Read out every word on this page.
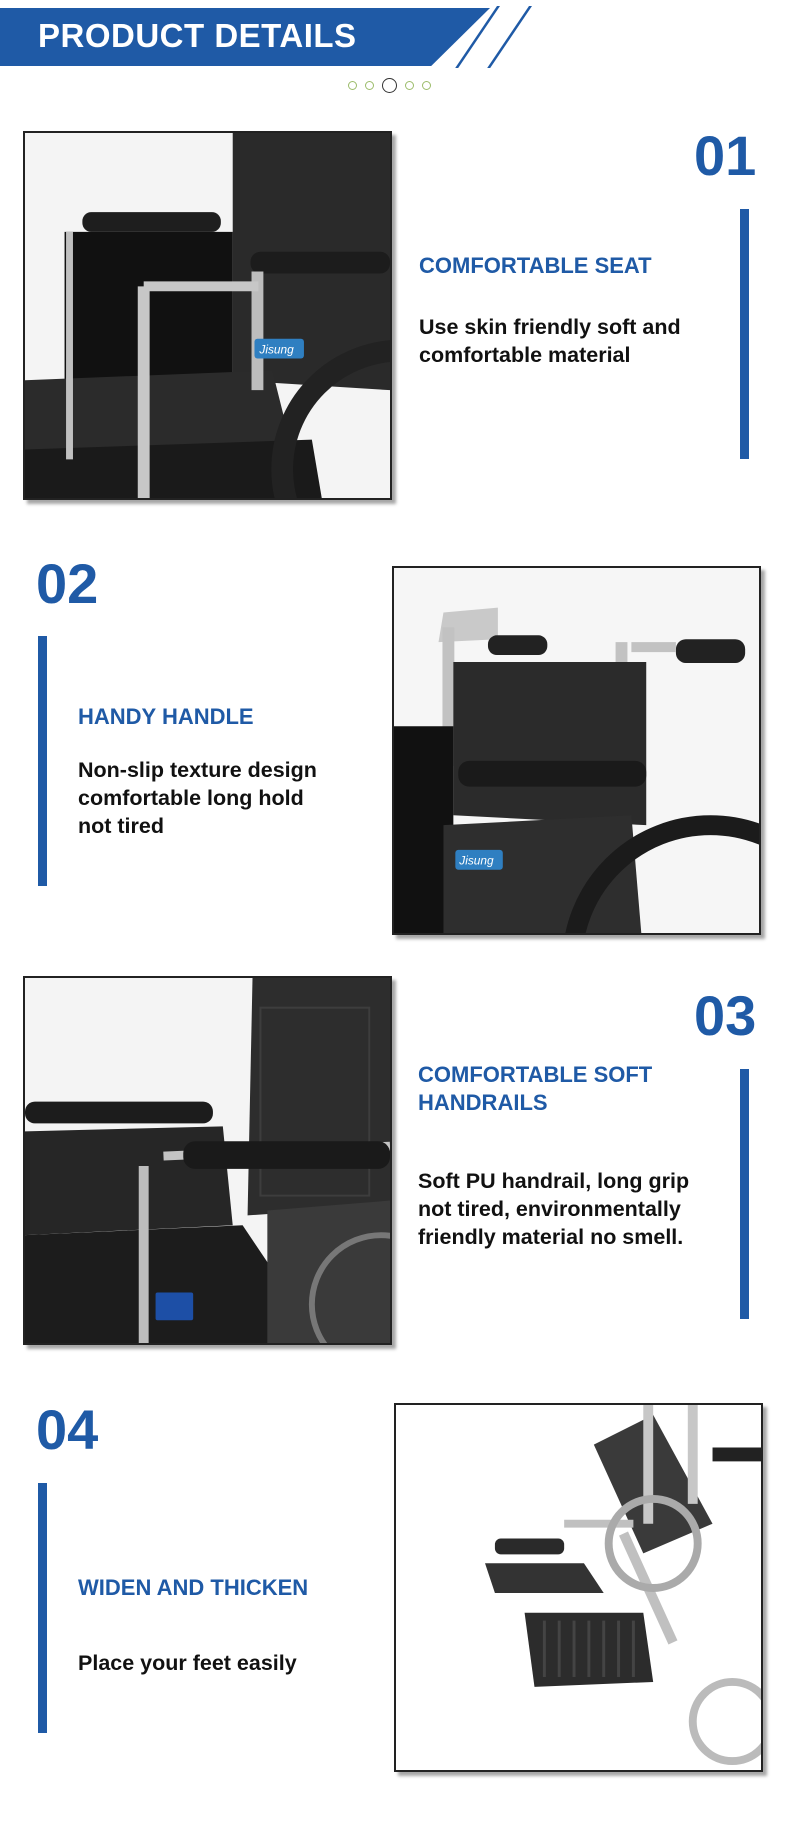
PRODUCT DETAILS
Jisung
01
COMFORTABLE SEAT
Use skin friendly soft and
comfortable material
02
HANDY HANDLE
Non-slip texture design
comfortable long hold
not tired
Jisung
03
COMFORTABLE SOFT
HANDRAILS
Soft PU handrail, long grip
not tired, environmentally
friendly material no smell.
04
WIDEN AND THICKEN
Place your feet easily
